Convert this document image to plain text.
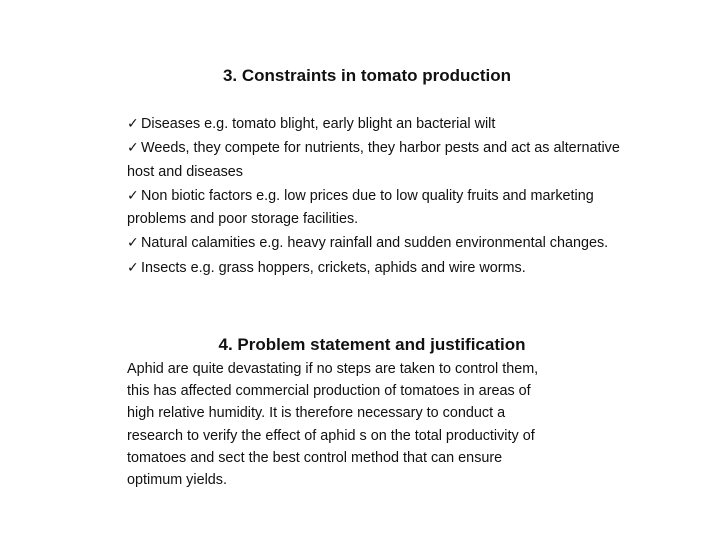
3. Constraints in tomato production
✓ Diseases e.g. tomato blight, early blight an bacterial wilt
✓ Weeds, they compete for nutrients, they harbor pests and act as alternative host and diseases
✓ Non biotic factors e.g. low prices due to low quality fruits and marketing problems and poor storage facilities.
✓ Natural calamities e.g. heavy rainfall and sudden environmental changes.
✓ Insects e.g. grass hoppers, crickets, aphids and wire worms.
4. Problem statement and justification

Aphid are quite devastating if no steps are taken to control them,
this has affected commercial production of tomatoes in areas of
high relative humidity. It is therefore necessary to conduct a
research to verify the effect of aphid s on the total productivity of
tomatoes and sect the best control method that can ensure
optimum yields.
